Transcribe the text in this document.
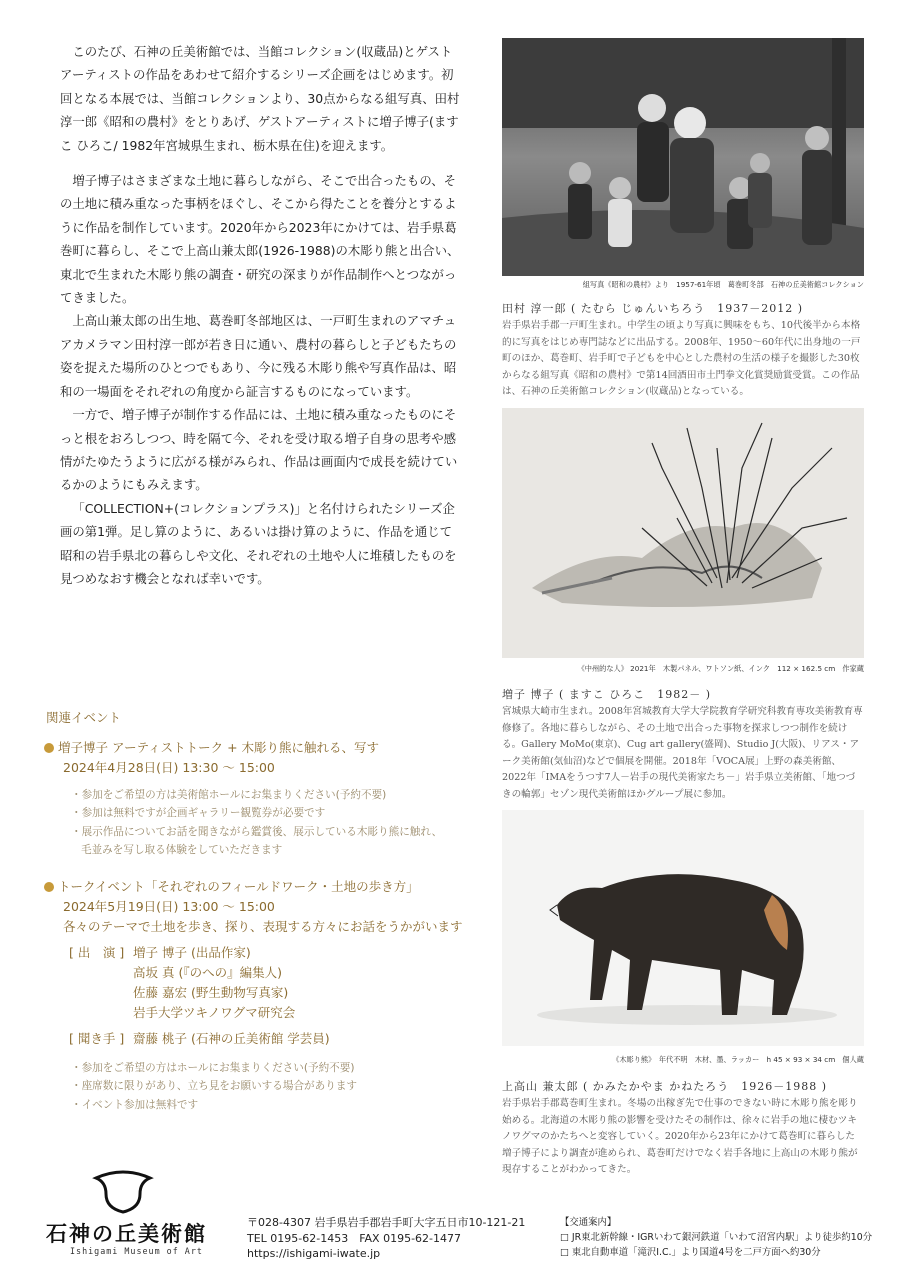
このたび、石神の丘美術館では、当館コレクション(収蔵品)とゲストアーティストの作品をあわせて紹介するシリーズ企画をはじめます。初回となる本展では、当館コレクションより、30点からなる組写真、田村淳一郎《昭和の農村》をとりあげ、ゲストアーティストに増子博子(ますこ ひろこ/ 1982年宮城県生まれ、栃木県在住)を迎えます。

増子博子はさまざまな土地に暮らしながら、そこで出合ったもの、その土地に積み重なった事柄をほぐし、そこから得たことを養分とするように作品を制作しています。2020年から2023年にかけては、岩手県葛巻町に暮らし、そこで上高山兼太郎(1926-1988)の木彫り熊と出合い、東北で生まれた木彫り熊の調査・研究の深まりが作品制作へとつながってきました。

上高山兼太郎の出生地、葛巻町冬部地区は、一戸町生まれのアマチュアカメラマン田村淳一郎が若き日に通い、農村の暮らしと子どもたちの姿を捉えた場所のひとつでもあり、今に残る木彫り熊や写真作品は、昭和の一場面をそれぞれの角度から証言するものになっています。

一方で、増子博子が制作する作品には、土地に積み重なったものにそっと根をおろしつつ、時を隔て今、それを受け取る増子自身の思考や感情がたゆたうように広がる様がみられ、作品は画面内で成長を続けているかのようにもみえます。

「COLLECTION+(コレクションプラス)」と名付けられたシリーズ企画の第1弾。足し算のように、あるいは掛け算のように、作品を通じて昭和の岩手県北の暮らしや文化、それぞれの土地や人に堆積したものを見つめなおす機会となれば幸いです。

関連イベント

増子博子 アーティストトーク + 木彫り熊に触れる、写す

2024年4月28日(日) 13:30 ～ 15:00

・ 参加をご希望の方は美術館ホールにお集まりください(予約不要)
・ 参加は無料ですが企画ギャラリー観覧券が必要です
・ 展示作品についてお話を聞きながら鑑賞後、展示している木彫り熊に触れ、
毛並みを写し取る体験をしていただきます

トークイベント「それぞれのフィールドワーク・土地の歩き方」

2024年5月19日(日) 13:00 ～ 15:00

各々のテーマで土地を歩き、探り、表現する方々にお話をうかがいます

[ 出　演 ] 増子 博子 (出品作家)
高坂 真 (『のへの』編集人)
佐藤 嘉宏 (野生動物写真家)
岩手大学ツキノワグマ研究会
[ 聞き手 ] 齋藤 桃子 (石神の丘美術館 学芸員)
・ 参加をご希望の方はホールにお集まりください(予約不要)
・ 座席数に限りがあり、立ち見をお願いする場合があります
・ イベント参加は無料です
組写真《昭和の農村》より　1957-61年頃　葛巻町冬部　石神の丘美術館コレクション
田村 淳一郎 ( たむら じゅんいちろう　1937－2012 )
岩手県岩手郡一戸町生まれ。中学生の頃より写真に興味をもち、10代後半から本格的に写真をはじめ専門誌などに出品する。2008年、1950～60年代に出身地の一戸町のほか、葛巻町、岩手町で子どもを中心とした農村の生活の様子を撮影した30枚からなる組写真《昭和の農村》で第14回酒田市土門拳文化賞奨励賞受賞。この作品は、石神の丘美術館コレクション(収蔵品)となっている。
《中州的な人》 2021年　木製パネル、ワトソン紙、インク　112 × 162.5 cm　作家蔵
増子 博子 ( ますこ ひろこ　1982－ )
宮城県大崎市生まれ。2008年宮城教育大学大学院教育学研究科教育専攻美術教育専修修了。各地に暮らしながら、その土地で出合った事物を探求しつつ制作を続ける。Gallery MoMo(東京)、Cug art gallery(盛岡)、Studio J(大阪)、リアス・アーク美術館(気仙沼)などで個展を開催。2018年「VOCA展」上野の森美術館、2022年「IMAをうつす7人－岩手の現代美術家たち－」岩手県立美術館、「地つづきの輪郭」セゾン現代美術館ほかグループ展に参加。
《木彫り熊》　年代不明　木材、墨、ラッカー　h 45 × 93 × 34 cm　個人蔵
上高山 兼太郎 ( かみたかやま かねたろう　1926－1988 )
岩手県岩手郡葛巻町生まれ。冬場の出稼ぎ先で仕事のできない時に木彫り熊を彫り始める。北海道の木彫り熊の影響を受けたその制作は、徐々に岩手の地に棲むツキノワグマのかたちへと変容していく。2020年から23年にかけて葛巻町に暮らした増子博子により調査が進められ、葛巻町だけでなく岩手各地に上高山の木彫り熊が現存することがわかってきた。
石神の丘美術館
Ishigami Museum of Art
〒028-4307 岩手県岩手郡岩手町大字五日市10-121-21
TEL 0195-62-1453　FAX 0195-62-1477
https://ishigami-iwate.jp
【交通案内】
□ JR東北新幹線・IGRいわて銀河鉄道「いわて沼宮内駅」より徒歩約10分
□ 東北自動車道「滝沢I.C.」より国道4号を二戸方面へ約30分
